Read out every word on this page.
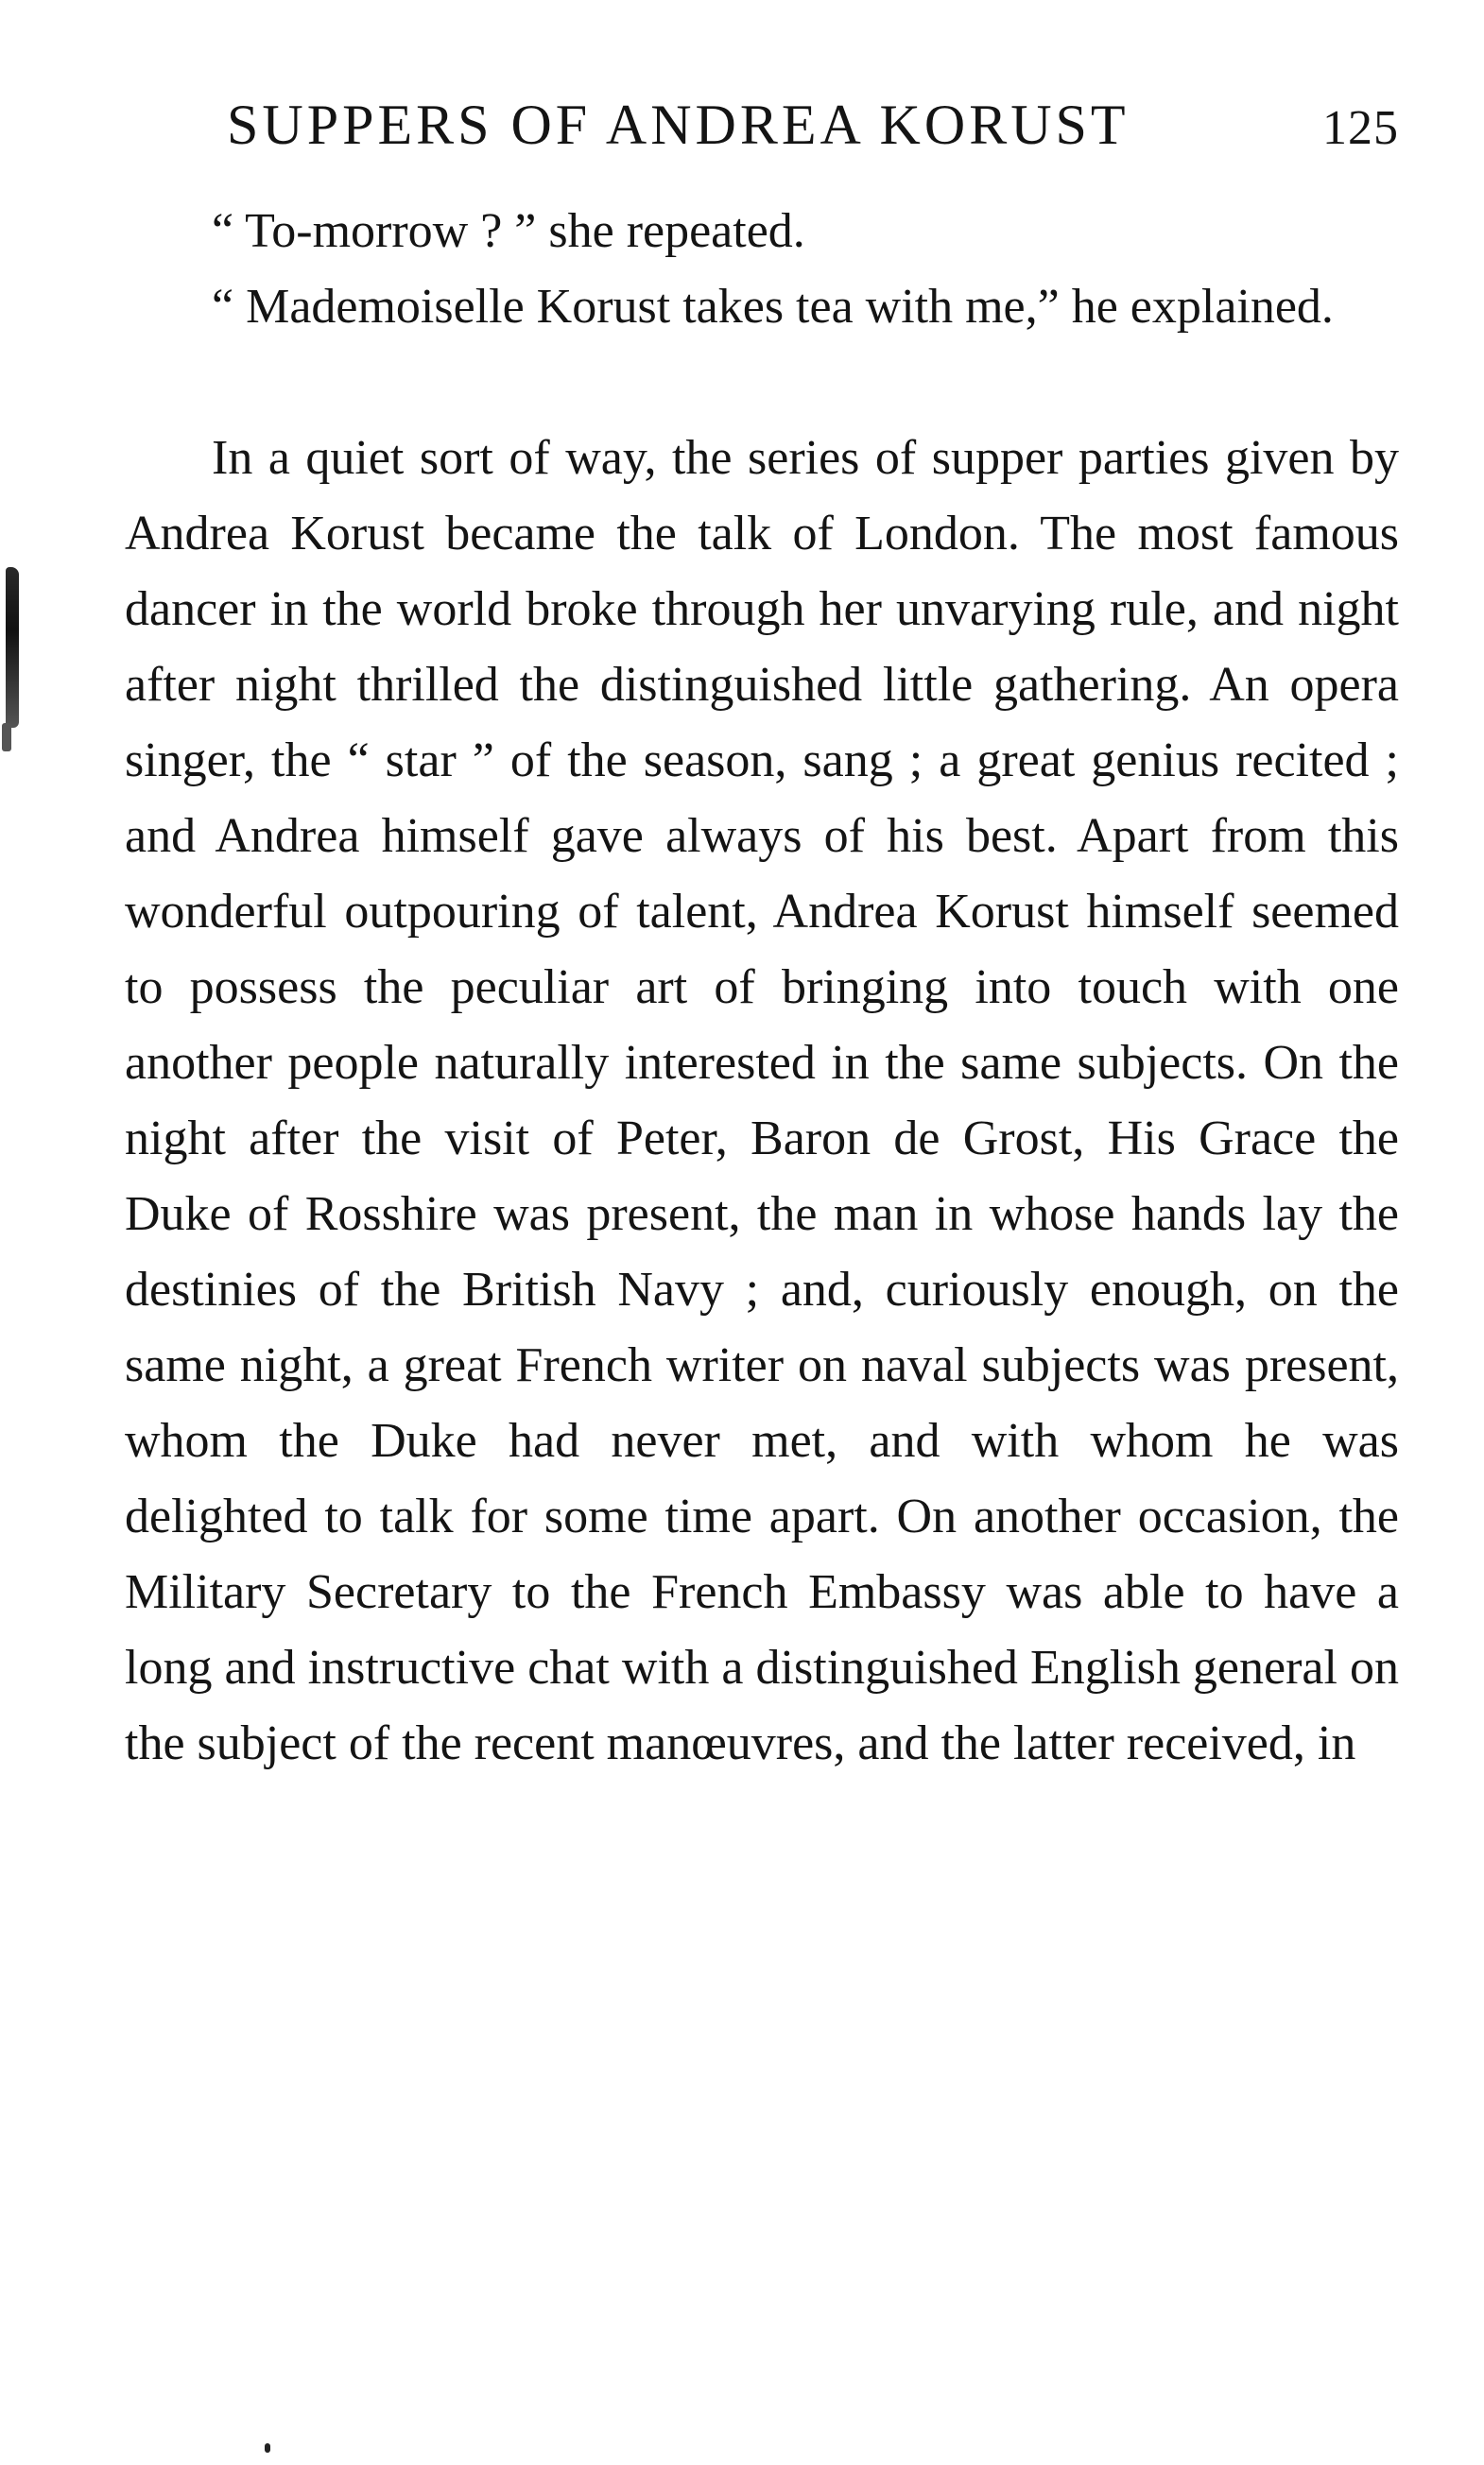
SUPPERS OF ANDREA KORUST	125

“ To-morrow ? ” she repeated.

“ Mademoiselle Korust takes tea with me,” he explained.

In a quiet sort of way, the series of supper parties given by Andrea Korust became the talk of London. The most famous dancer in the world broke through her unvarying rule, and night after night thrilled the distinguished little gathering. An opera singer, the “ star ” of the season, sang ; a great genius recited ; and Andrea himself gave always of his best. Apart from this wonderful outpouring of talent, Andrea Korust himself seemed to possess the peculiar art of bringing into touch with one another people naturally interested in the same subjects. On the night after the visit of Peter, Baron de Grost, His Grace the Duke of Rosshire was present, the man in whose hands lay the destinies of the British Navy ; and, curiously enough, on the same night, a great French writer on naval subjects was present, whom the Duke had never met, and with whom he was delighted to talk for some time apart. On another occasion, the Military Secretary to the French Embassy was able to have a long and instructive chat with a distinguished English general on the subject of the recent manœuvres, and the latter received, in
